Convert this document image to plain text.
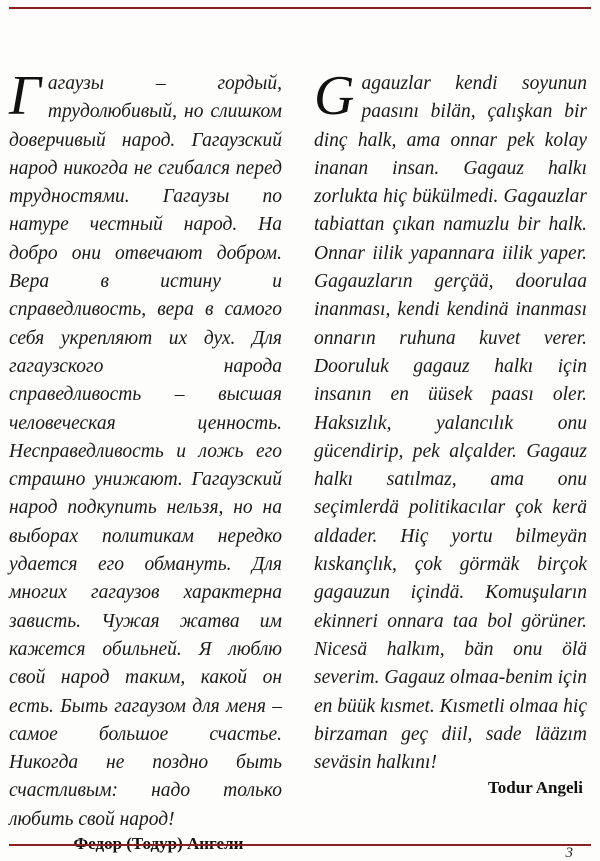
Гагаузы – гордый, трудолюбивый, но слишком доверчивый народ. Гагаузский народ никогда не сгибался перед трудностями. Гагаузы по натуре честный народ. На добро они отвечают добром. Вера в истину и справедливость, вера в самого себя укрепляют их дух. Для гагаузского народа справедливость – высшая человеческая ценность. Несправедливость и ложь его страшно унижают. Гагаузский народ подкупить нельзя, но на выборах политикам нередко удается его обмануть. Для многих гагаузов характерна зависть. Чужая жатва им кажется обильней. Я люблю свой народ таким, какой он есть. Быть гагаузом для меня – самое большое счастье. Никогда не поздно быть счастливым: надо только любить свой народ!

Gagauzlar kendi soyunun paasını bilän, çalışkan bir dinç halk, ama onnar pek kolay inanan insan. Gagauz halkı zorlukta hiç bükülmedi. Gagauzlar tabiattan çıkan namuzlu bir halk. Onnar iilik yapannara iilik yaper. Gagauzların gerçää, doorulaa inanması, kendi kendinä inanması onnarın ruhuna kuvet verer. Dooruluk gagauz halkı için insanın en üüsek paası oler. Haksızlık, yalancılık onu gücendirip, pek alçalder. Gagauz halkı satılmaz, ama onu seçimlerdä politikacılar çok kerä aldader. Hiç yortu bilmeyän kıskançlık, çok görmäk birçok gagauzun içindä. Komuşuların ekinneri onnara taa bol görüner. Nicesä halkım, bän onu ölä severim. Gagauz olmaa-benim için en büük kısmet. Kısmetli olmaa hiç birzaman geç diil, sade lääzım seväsin halkını!

Todur Angeli
3
